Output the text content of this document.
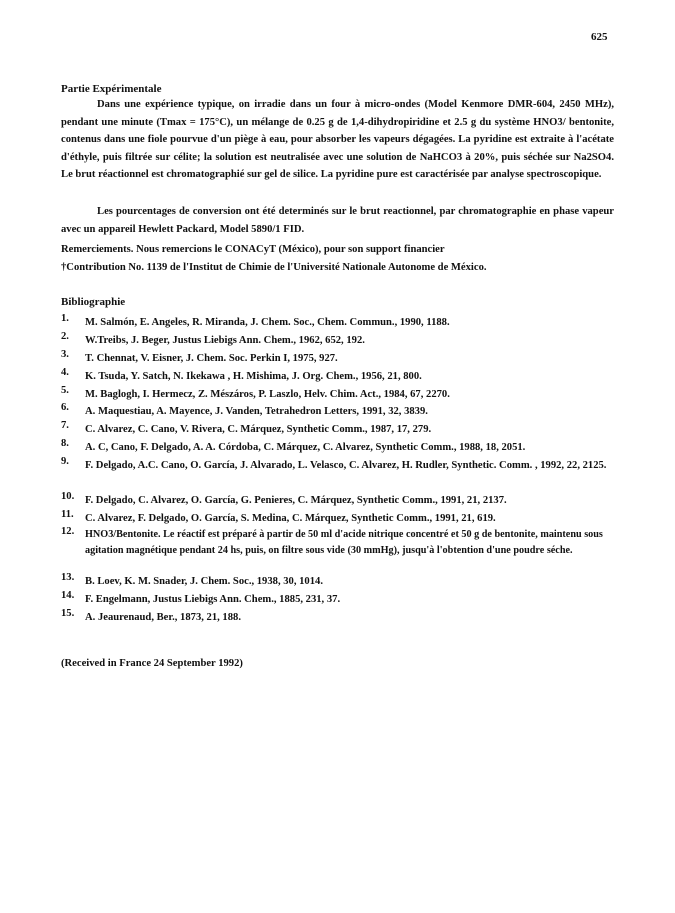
625
Partie Expérimentale
Dans une expérience typique, on irradie dans un four à micro-ondes (Model Kenmore DMR-604, 2450 MHz), pendant une minute (Tmax = 175°C), un mélange de 0.25 g de 1,4-dihydropiridine et 2.5 g du système HNO3/ bentonite, contenus dans une fiole pourvue d'un piège à eau, pour absorber les vapeurs dégagées. La pyridine est extraite à l'acétate d'éthyle, puis filtrée sur célite; la solution est neutralisée avec une solution de NaHCO3 à 20%, puis séchée sur Na2SO4. Le brut réactionnel est chromatographié sur gel de silice. La pyridine pure est caractérisée par analyse spectroscopique.
Les pourcentages de conversion ont été determinés sur le brut reactionnel, par chromatographie en phase vapeur avec un appareil Hewlett Packard, Model 5890/1 FID.
Remerciements. Nous remercions le CONACyT (México), pour son support financier
†Contribution No. 1139 de l'Institut de Chimie de l'Université Nationale Autonome de México.
Bibliographie
1.	M. Salmón, E. Angeles, R. Miranda, J. Chem. Soc., Chem. Commun., 1990, 1188.
2.	W.Treibs, J. Beger, Justus Liebigs Ann. Chem., 1962, 652, 192.
3.	T. Chennat, V. Eisner, J. Chem. Soc. Perkin I, 1975, 927.
4.	K. Tsuda, Y. Satch, N. Ikekawa , H. Mishima, J. Org. Chem., 1956, 21, 800.
5.	M. Baglogh, I. Hermecz, Z. Mészáros, P. Laszlo, Helv. Chim. Act., 1984, 67, 2270.
6.	A. Maquestiau, A. Mayence, J. Vanden, Tetrahedron Letters, 1991, 32, 3839.
7.	C. Alvarez, C. Cano, V. Rivera, C. Márquez, Synthetic Comm., 1987, 17, 279.
8.	A. C, Cano, F. Delgado, A. A. Córdoba, C. Márquez, C. Alvarez, Synthetic Comm., 1988, 18, 2051.
9.	F. Delgado, A.C. Cano, O. García, J. Alvarado, L. Velasco, C. Alvarez, H. Rudler, Synthetic. Comm. , 1992, 22, 2125.
10.	F. Delgado, C. Alvarez, O. García, G. Penieres, C. Márquez, Synthetic Comm., 1991, 21, 2137.
11.	C. Alvarez, F. Delgado, O. García, S. Medina, C. Márquez, Synthetic Comm., 1991, 21, 619.
12.	HNO3/Bentonite. Le réactif est préparé à partir de 50 ml d'acide nitrique concentré et 50 g de bentonite, maintenu sous agitation magnétique pendant 24 hs, puis, on filtre sous vide (30 mmHg), jusqu'à l'obtention d'une poudre séche.
13.	B. Loev, K. M. Snader, J. Chem. Soc., 1938, 30, 1014.
14.	F. Engelmann, Justus Liebigs Ann. Chem., 1885, 231, 37.
15.	A. Jeaurenaud, Ber., 1873, 21, 188.
(Received in France 24 September 1992)
